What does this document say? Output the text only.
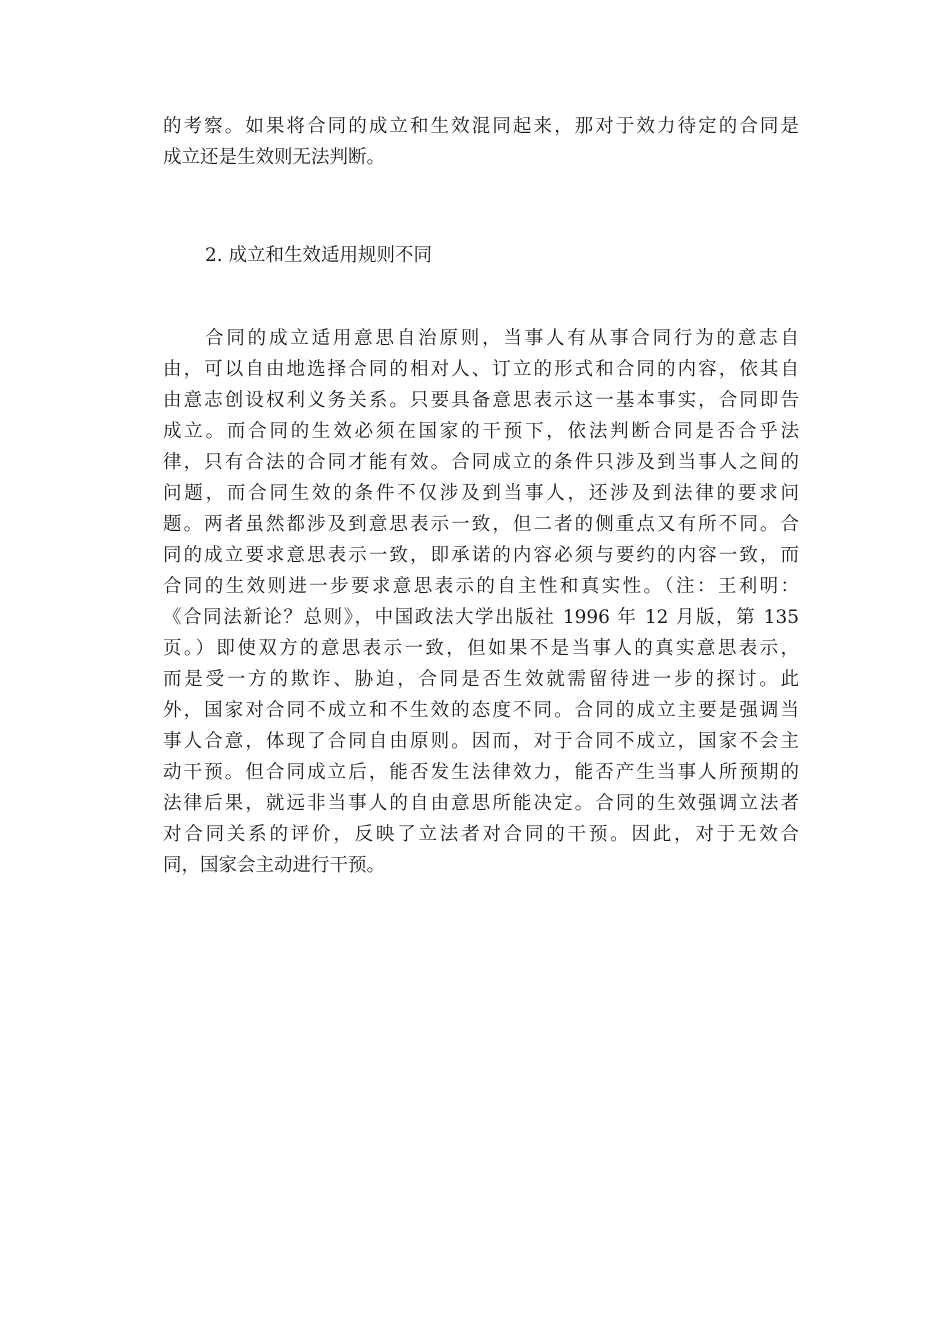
的考察。如果将合同的成立和生效混同起来，那对于效力待定的合同是
成立还是生效则无法判断。
2. 成立和生效适用规则不同
合同的成立适用意思自治原则，当事人有从事合同行为的意志自
由，可以自由地选择合同的相对人、订立的形式和合同的内容，依其自
由意志创设权利义务关系。只要具备意思表示这一基本事实，合同即告
成立。而合同的生效必须在国家的干预下，依法判断合同是否合乎法
律，只有合法的合同才能有效。合同成立的条件只涉及到当事人之间的
问题，而合同生效的条件不仅涉及到当事人，还涉及到法律的要求问
题。两者虽然都涉及到意思表示一致，但二者的侧重点又有所不同。合
同的成立要求意思表示一致，即承诺的内容必须与要约的内容一致，而
合同的生效则进一步要求意思表示的自主性和真实性。（注：王利明：
《合同法新论？总则》，中国政法大学出版社 1996 年 12 月版，第 135
页。）即使双方的意思表示一致，但如果不是当事人的真实意思表示，
而是受一方的欺诈、胁迫，合同是否生效就需留待进一步的探讨。此
外，国家对合同不成立和不生效的态度不同。合同的成立主要是强调当
事人合意，体现了合同自由原则。因而，对于合同不成立，国家不会主
动干预。但合同成立后，能否发生法律效力，能否产生当事人所预期的
法律后果，就远非当事人的自由意思所能决定。合同的生效强调立法者
对合同关系的评价，反映了立法者对合同的干预。因此，对于无效合
同，国家会主动进行干预。
